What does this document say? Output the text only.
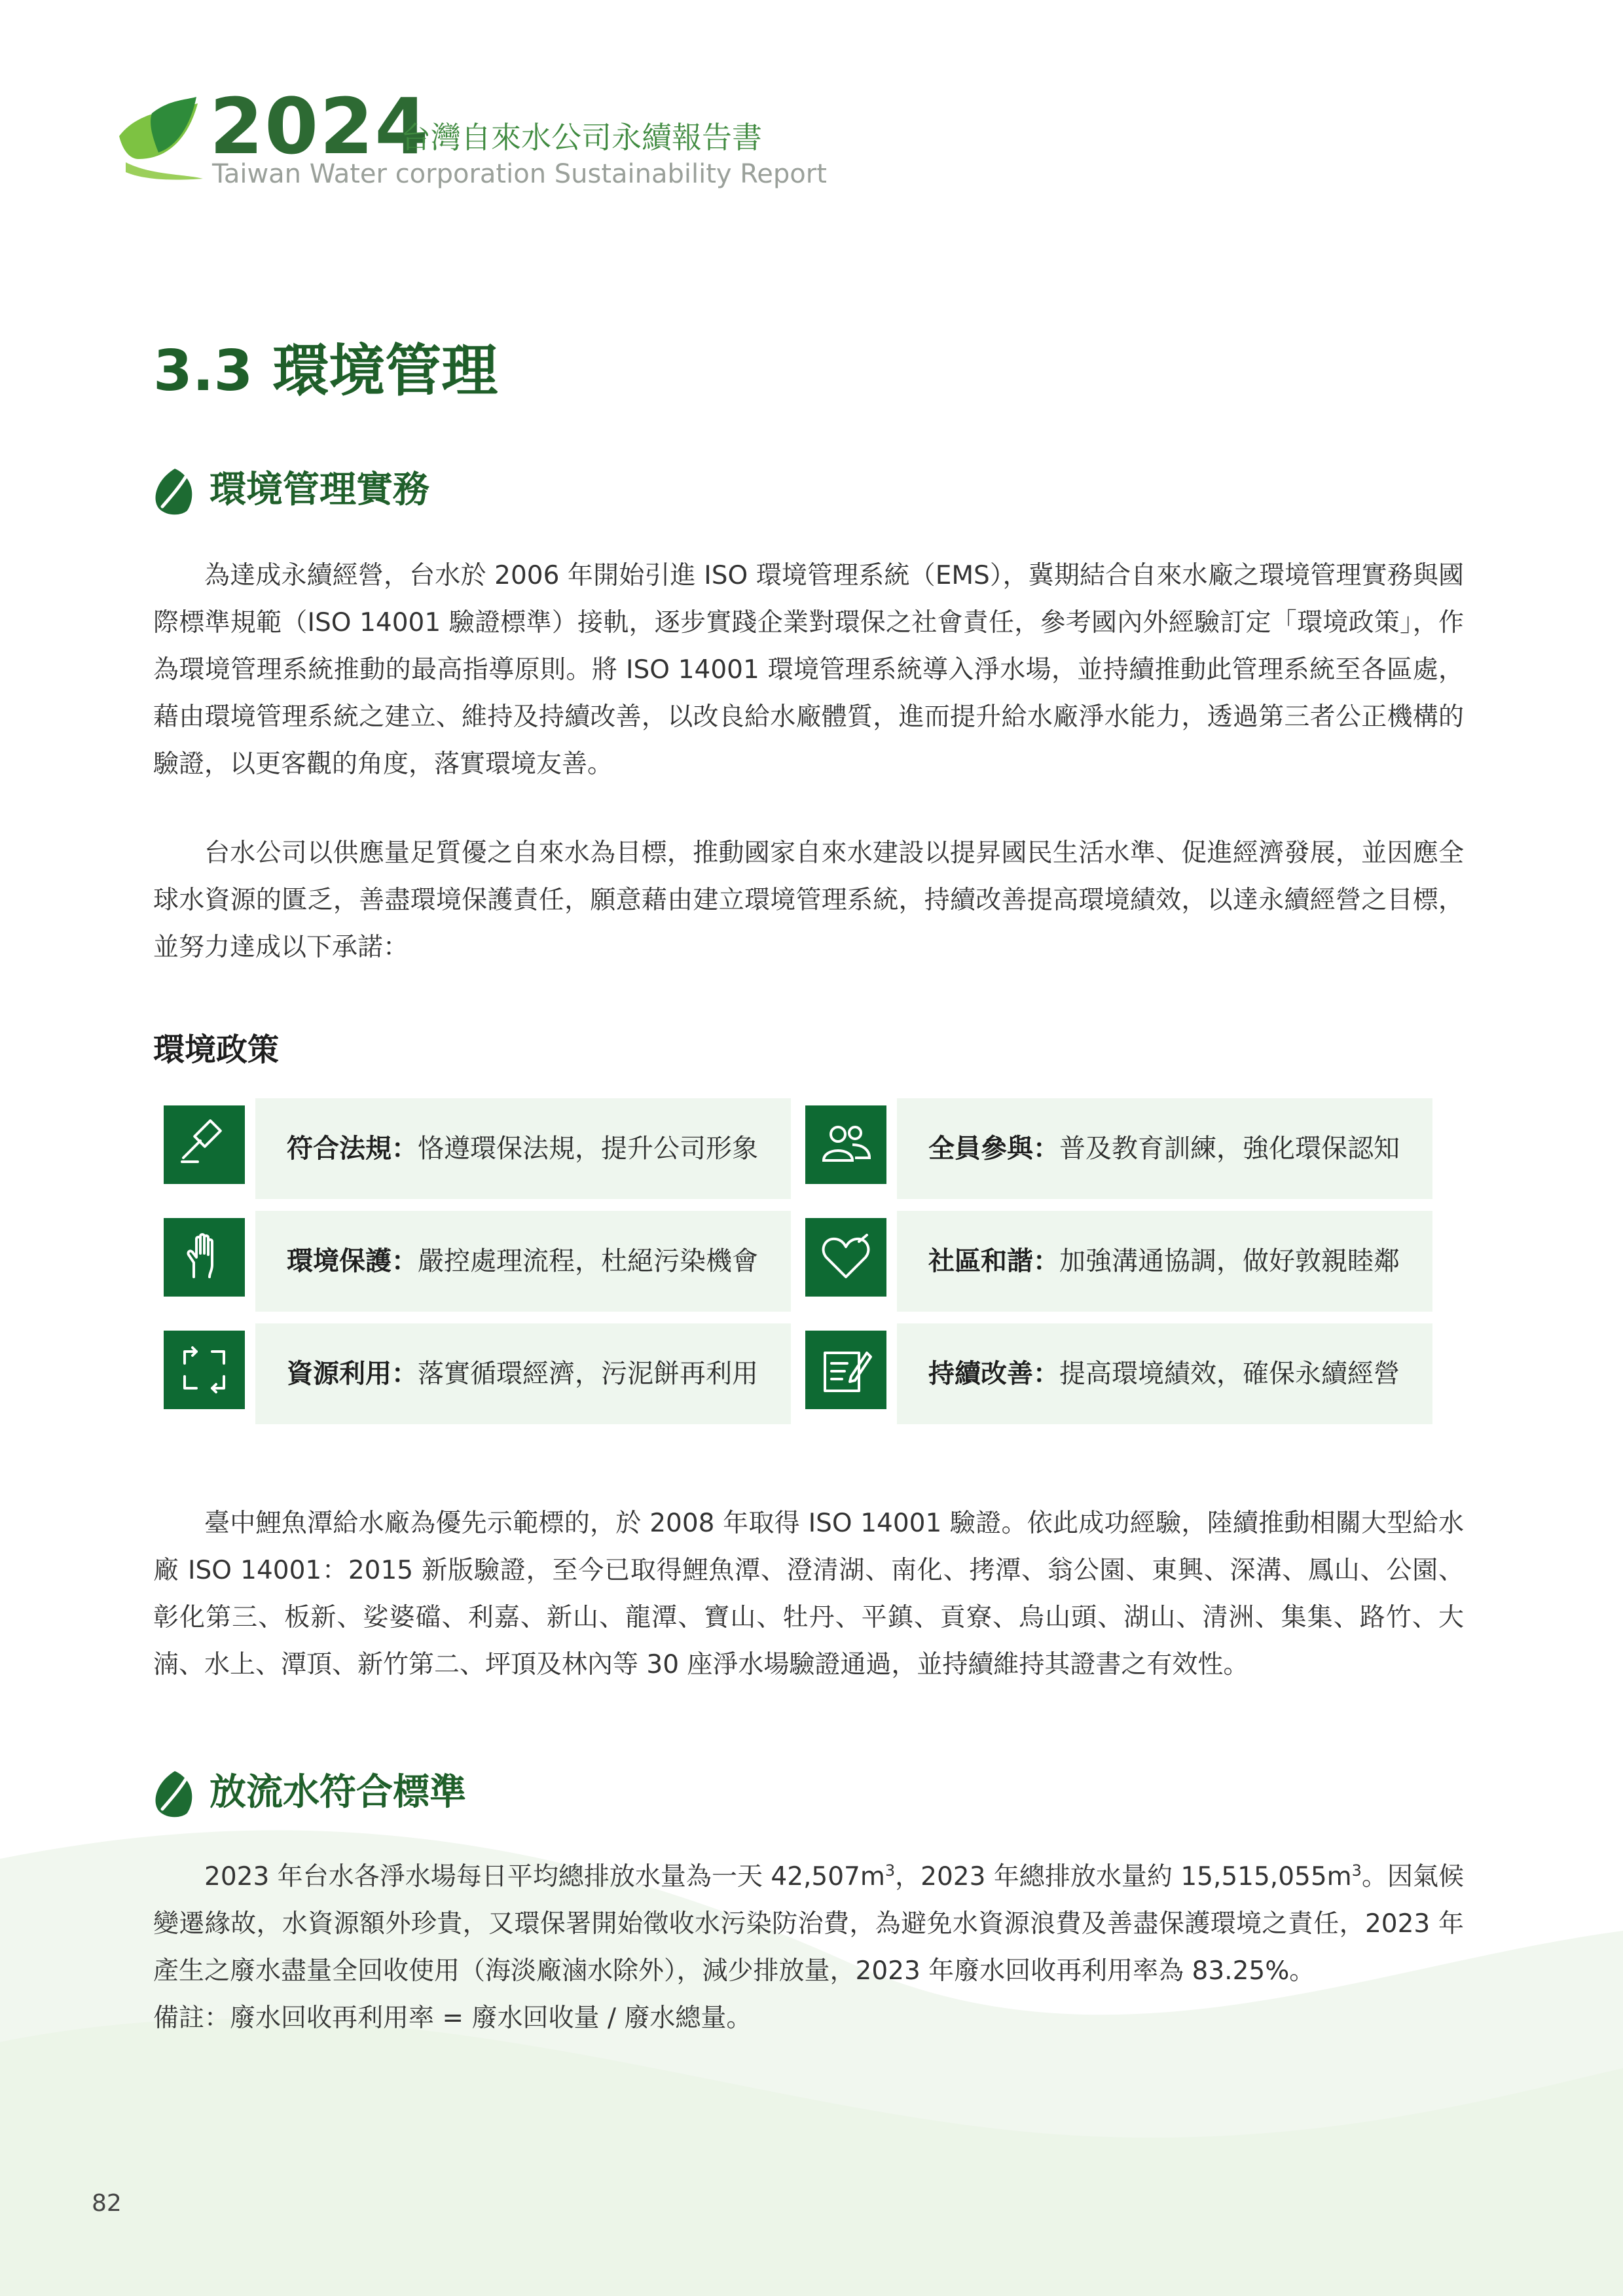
2024
台灣自來水公司永續報告書
Taiwan Water corporation Sustainability Report
3.3 環境管理
環境管理實務

為達成永續經營，台水於 2006 年開始引進 ISO 環境管理系統（EMS），冀期結合自來水廠之環境管理實務與國際標準規範（ISO 14001 驗證標準）接軌，逐步實踐企業對環保之社會責任，參考國內外經驗訂定「環境政策」，作為環境管理系統推動的最高指導原則。將 ISO 14001 環境管理系統導入淨水場，並持續推動此管理系統至各區處，藉由環境管理系統之建立、維持及持續改善，以改良給水廠體質，進而提升給水廠淨水能力，透過第三者公正機構的驗證，以更客觀的角度，落實環境友善。

台水公司以供應量足質優之自來水為目標，推動國家自來水建設以提昇國民生活水準、促進經濟發展，並因應全球水資源的匱乏，善盡環境保護責任，願意藉由建立環境管理系統，持續改善提高環境績效，以達永續經營之目標，並努力達成以下承諾：

環境政策
符合法規：恪遵環保法規，提升公司形象	全員參與：普及教育訓練，強化環保認知
環境保護：嚴控處理流程，杜絕污染機會	社區和諧：加強溝通協調，做好敦親睦鄰
資源利用：落實循環經濟，污泥餅再利用	持續改善：提高環境績效，確保永續經營

臺中鯉魚潭給水廠為優先示範標的，於 2008 年取得 ISO 14001 驗證。依此成功經驗，陸續推動相關大型給水廠 ISO 14001：2015 新版驗證，至今已取得鯉魚潭、澄清湖、南化、拷潭、翁公園、東興、深溝、鳳山、公園、彰化第三、板新、娑婆礑、利嘉、新山、龍潭、寶山、牡丹、平鎮、貢寮、烏山頭、湖山、清洲、集集、路竹、大湳、水上、潭頂、新竹第二、坪頂及林內等 30 座淨水場驗證通過，並持續維持其證書之有效性。

放流水符合標準

2023 年台水各淨水場每日平均總排放水量為一天 $42,507m^3$，2023 年總排放水量約 $15,515,055m^3$。因氣候變遷緣故，水資源額外珍貴，又環保署開始徵收水污染防治費，為避免水資源浪費及善盡保護環境之責任，2023 年產生之廢水盡量全回收使用（海淡廠滷水除外），減少排放量，2023 年廢水回收再利用率為 83.25%。

備註：廢水回收再利用率 = 廢水回收量 / 廢水總量。
82
